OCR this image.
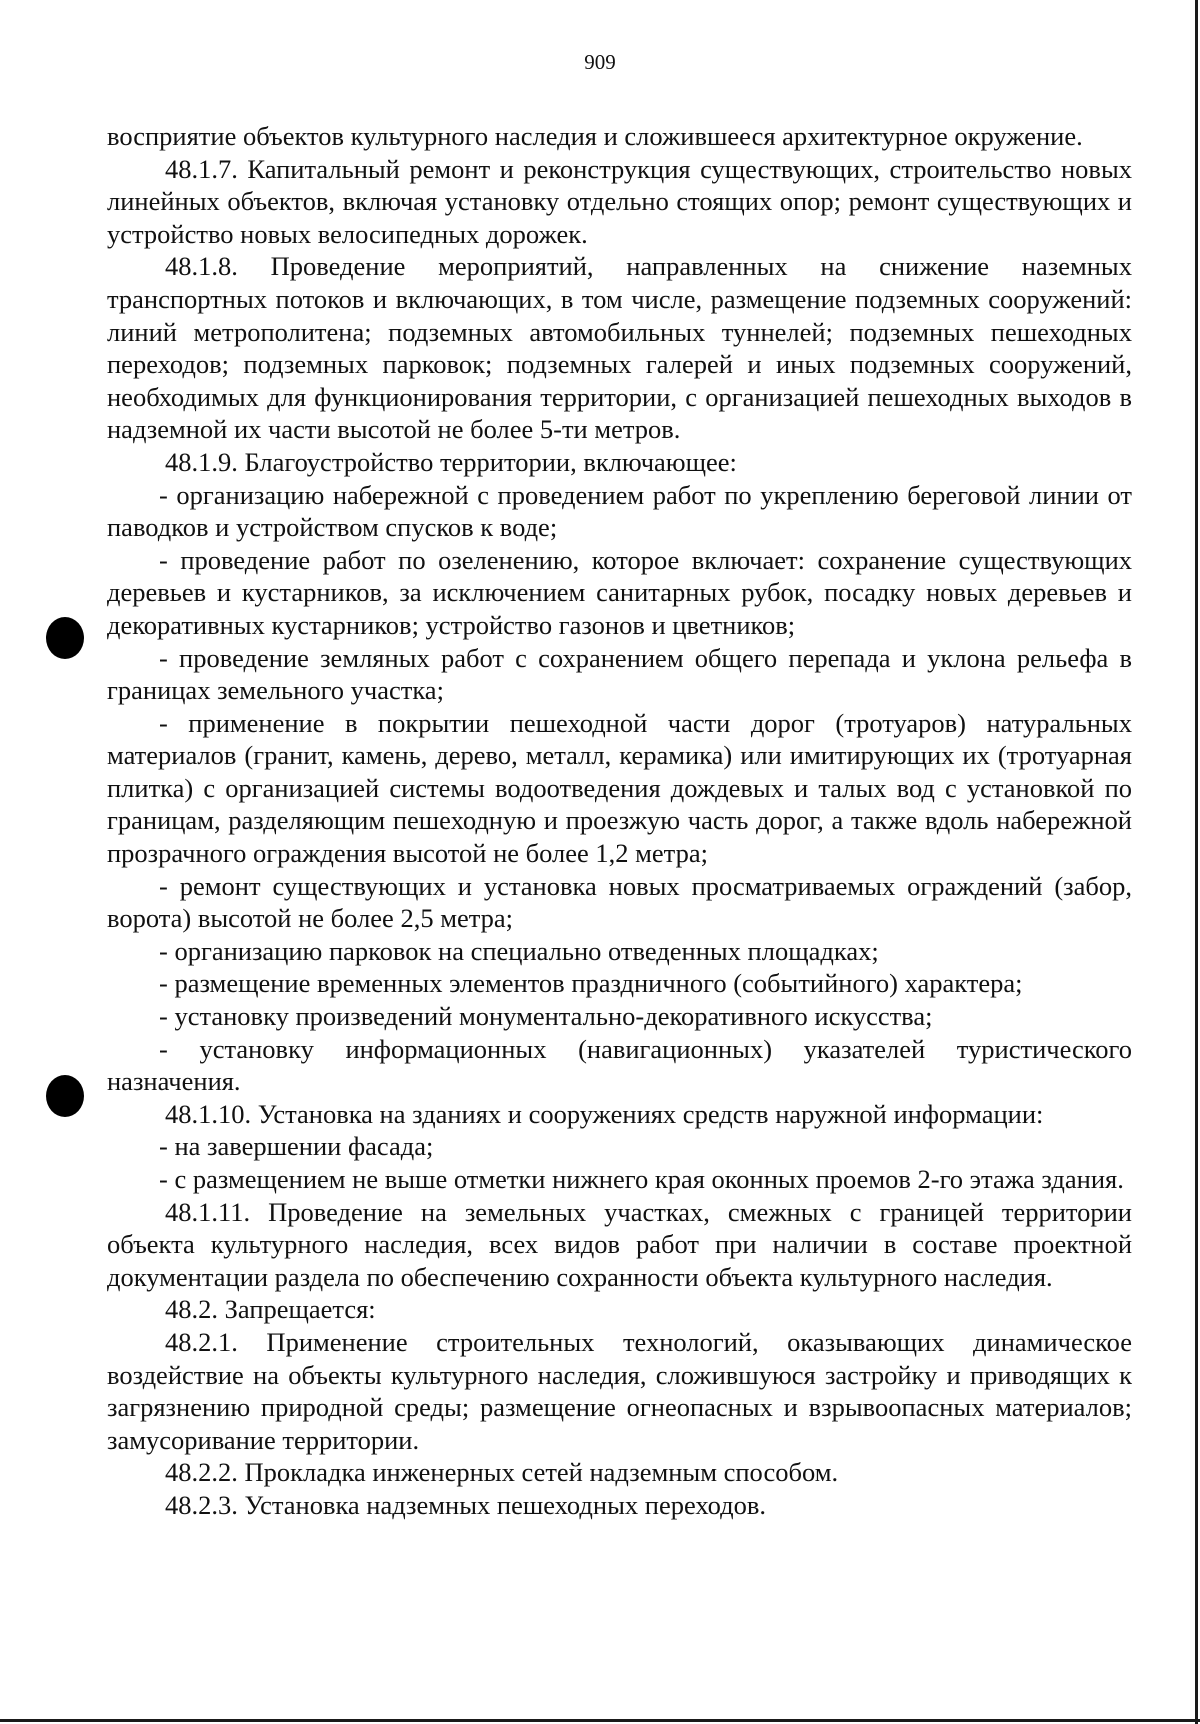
909

восприятие объектов культурного наследия и сложившееся архитектурное окружение.

48.1.7. Капитальный ремонт и реконструкция существующих, строительство новых линейных объектов, включая установку отдельно стоящих опор; ремонт существующих и устройство новых велосипедных дорожек.

48.1.8. Проведение мероприятий, направленных на снижение наземных транспортных потоков и включающих, в том числе, размещение подземных сооружений: линий метрополитена; подземных автомобильных туннелей; подземных пешеходных переходов; подземных парковок; подземных галерей и иных подземных сооружений, необходимых для функционирования территории, с организацией пешеходных выходов в надземной их части высотой не более 5-ти метров.

48.1.9. Благоустройство территории, включающее:

- организацию набережной с проведением работ по укреплению береговой линии от паводков и устройством спусков к воде;

- проведение работ по озеленению, которое включает: сохранение существующих деревьев и кустарников, за исключением санитарных рубок, посадку новых деревьев и декоративных кустарников; устройство газонов и цветников;

- проведение земляных работ с сохранением общего перепада и уклона рельефа в границах земельного участка;

- применение в покрытии пешеходной части дорог (тротуаров) натуральных материалов (гранит, камень, дерево, металл, керамика) или имитирующих их (тротуарная плитка) с организацией системы водоотведения дождевых и талых вод с установкой по границам, разделяющим пешеходную и проезжую часть дорог, а также вдоль набережной прозрачного ограждения высотой не более 1,2 метра;

- ремонт существующих и установка новых просматриваемых ограждений (забор, ворота) высотой не более 2,5 метра;

- организацию парковок на специально отведенных площадках;

- размещение временных элементов праздничного (событийного) характера;

- установку произведений монументально-декоративного искусства;

- установку информационных (навигационных) указателей туристического назначения.

48.1.10. Установка на зданиях и сооружениях средств наружной информации:

- на завершении фасада;

- с размещением не выше отметки нижнего края оконных проемов 2-го этажа здания.

48.1.11. Проведение на земельных участках, смежных с границей территории объекта культурного наследия, всех видов работ при наличии в составе проектной документации раздела по обеспечению сохранности объекта культурного наследия.

48.2. Запрещается:

48.2.1. Применение строительных технологий, оказывающих динамическое воздействие на объекты культурного наследия, сложившуюся застройку и приводящих к загрязнению природной среды; размещение огнеопасных и взрывоопасных материалов; замусоривание территории.

48.2.2. Прокладка инженерных сетей надземным способом.

48.2.3. Установка надземных пешеходных переходов.
